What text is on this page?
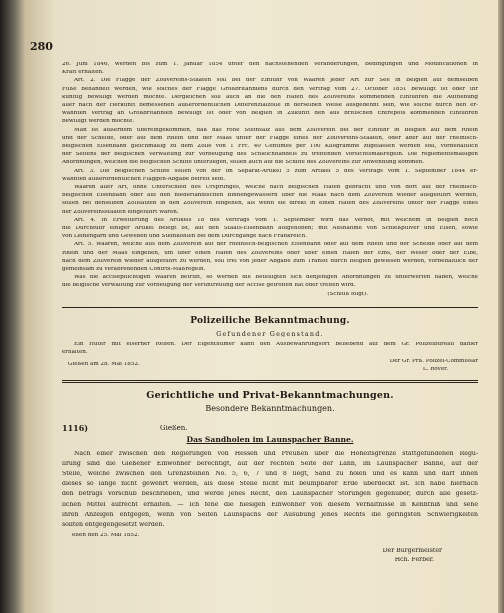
280
26. Juni 1846, werden bis zum 1. Januar 1854 unter den nachstehenden Veränderungen, Bedingungen und Modificationen in
Kraft erhalten.
Art. 2. Die Flagge der Zollvereins-Staaten soll bei der Einfuhr von Waaren jeder Art zur See in Belgien auf demselben
Fuße behandelt werden, wie solches der Flagge Großbritanniens durch den Vertrag vom 27. October 1851 bewilligt ist oder ihr
künftig bewilligt werden möchte. Dergleichen soll auch an die den Häfen des Zollvereins kommenden Einfuhren die Aufhebung
aller nach der Herkunft bemessenen außerordentlichen Differenzialzölle in derselben Weise ausgedehnt sein, wie solche durch den er-
wähnten Vertrag an Großbritannien bewilligt ist oder von Belgien in Zukunft den aus britischen Entrepots kommenden Einfuhren
bewilligt werden möchte.
Man ist außerdem übereingekommen, daß das rohe Steinsalz aus dem Zollverein bei der Einfuhr in Belgien auf dem Rhein
und der Schelde, oder auf dem Rhein und der Maas unter der Flagge eines der Zollvereins-Staaten, oder aber auf der rheinisch-
belgischen Eisenbahn gleichmäßig zu dem Zolle von 1 Frc. 40 Centimes per 100 Kilogramme zugelassen werden soll, vorbehaltlich
der Seitens der belgischen Verwaltung zur Vorbeugung des Schleichhandels zu treffenden Vorsichtsmaßregeln. Die reglementsmäßigen
Anordnungen, welchen die belgischen Schiffe unterliegen, sollen auch auf die Schiffe des Zollvereins zur Anwendung kommen.
Art. 3. Die belgischen Schiffe sollen von der im Separat-Artikel 5 zum Artikel 5 des Vertrags vom 1. September 1844 er-
wähnten außerordentlichen Flaggen-Abgabe befreit sein.
Waaren aller Art, ohne Unterschied des Ursprunges, welche nach belgischen Häfen gebracht und von dort auf der rheinisch-
belgischen Eisenbahn oder auf den niederländischen Binnengewässern über die Maas nach dem Zollverein wieder ausgeführt werden,
sollen bei denselben Zollsätzen in den Zollverein eingehen, als wenn sie direkt in einen Hafen des Zollvereins unter der Flagge eines
der Zollvereinsstaaten eingeführt wären.
Art. 4. In Erweiterung des Artikels 18 des Vertrags vom 1. September wird das Verbot, mit welchem in Belgien noch
die Durchfuhr einiger Artikel belegt ist, auf den Staats-Eisenbahn aufgehoben; mit Ausnahme von Schießpulver und Eisen, sowie
von Leinengarn und Geweben und Steinkohlen bei dem Durchgange nach Frankreich.
Art. 5. Waaren, welche aus dem Zollverein auf der rheinisch-belgischen Eisenbahn oder auf dem Rhein und der Schelde oder auf dem
Rhein und der Maas eingehen, um über einen Hafen des Zollvereins oder über einen Hafen der Ems, der Weser oder der Elbe,
nach dem Zollverein wieder ausgeführt zu werden, soll frei von jeder Abgabe zum Transit durch Belgien gewiesen werden, vorbehältlich der
gemeinsam zu verabredenden Control-Maßregeln.
Was die accisepflichtigen Waaren betrifft, so werden die Beteiligten sich denjenigen Anordnungen zu unterwerfen haben, welche
die belgische Verwaltung zur Vorbeugung der Veruntreuung der Accise getroffen hat oder treffen wird.
(Schluß folgt).
Polizeiliche Bekanntmachung.
Gefundener Gegenstand.
Ein Huter mit eiserner Reifen. Der Eigenthümer kann den Ausbewahrungsort beliebend auf dem Gr. Polizeibureau dahier
erhalten.
Gießen am 28. Mai 1852.	Der Gr. Prß. Polizei-Commissär
L. Rover.
Gerichtliche und Privat-Bekanntmachungen.
Besondere Bekanntmachungen.
1116)	Gießen.
Das Sandholen im Launspacher Banne.
Nach einer zwischen den Regierungen von Hessen und Preußen über die Hoheitsgrenze stattgefundenen Regu-
lirung sind die Gießener Einwohner berechtigt, auf der rechten Seite der Lahn, im Launspacher Banne, auf der
Stelle, welche zwischen den Grenzsteinen No. 5, 6, 7 und 8 liegt, Sand zu holen und es kann und darf ihnen
dieses so lange nicht gewehrt werden, als diese Stelle nicht mit beumpbarer Erde überdeckt ist. Ich habe hiernach
den betrags Vorschub beschrieben, und werde jenes Recht, den Launspacher Störungen gegenüber, durch alle gesetz-
lichen Mittel aufrecht erhalten. — Ich fehe die hiesigen Einwohner von diesem Verhältnisse in Kenntniß und sehe
ihren Anzeigen entgegen, wenn von Seiten Launspachs der Ausübung jenes Rechts die geringsten Schwierigkeiten
sollten entgegengesetzt werden.
eßen den 25. Mai 1852.
Der Bürgermeister
Hch. Ferber.
